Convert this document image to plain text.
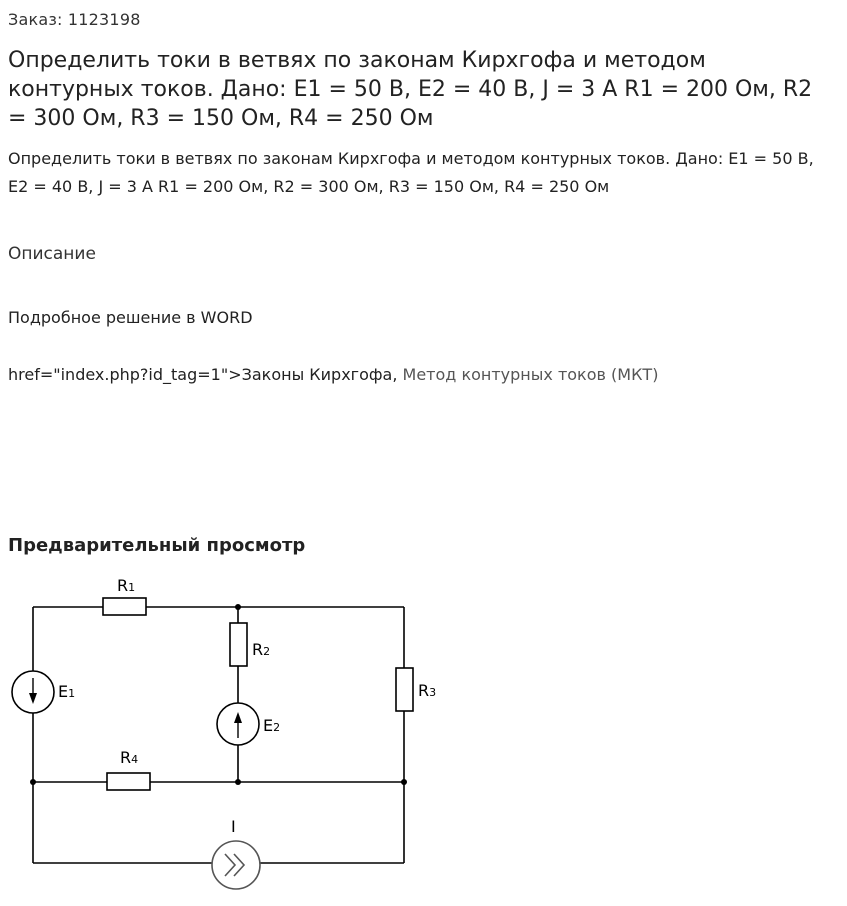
Заказ: 1123198
Определить токи в ветвях по законам Кирхгофа и методом контурных токов. Дано: E1 = 50 В, E2 = 40 В, J = 3 A R1 = 200 Ом, R2 = 300 Ом, R3 = 150 Ом, R4 = 250 Ом
Определить токи в ветвях по законам Кирхгофа и методом контурных токов. Дано: E1 = 50 В, E2 = 40 В, J = 3 A R1 = 200 Ом, R2 = 300 Ом, R3 = 150 Ом, R4 = 250 Ом
Описание
Подробное решение в WORD
href="index.php?id_tag=1">Законы Кирхгофа, Метод контурных токов (МКТ)
Предварительный просмотр
R1
R2
R3
R4
E1
E2
I
